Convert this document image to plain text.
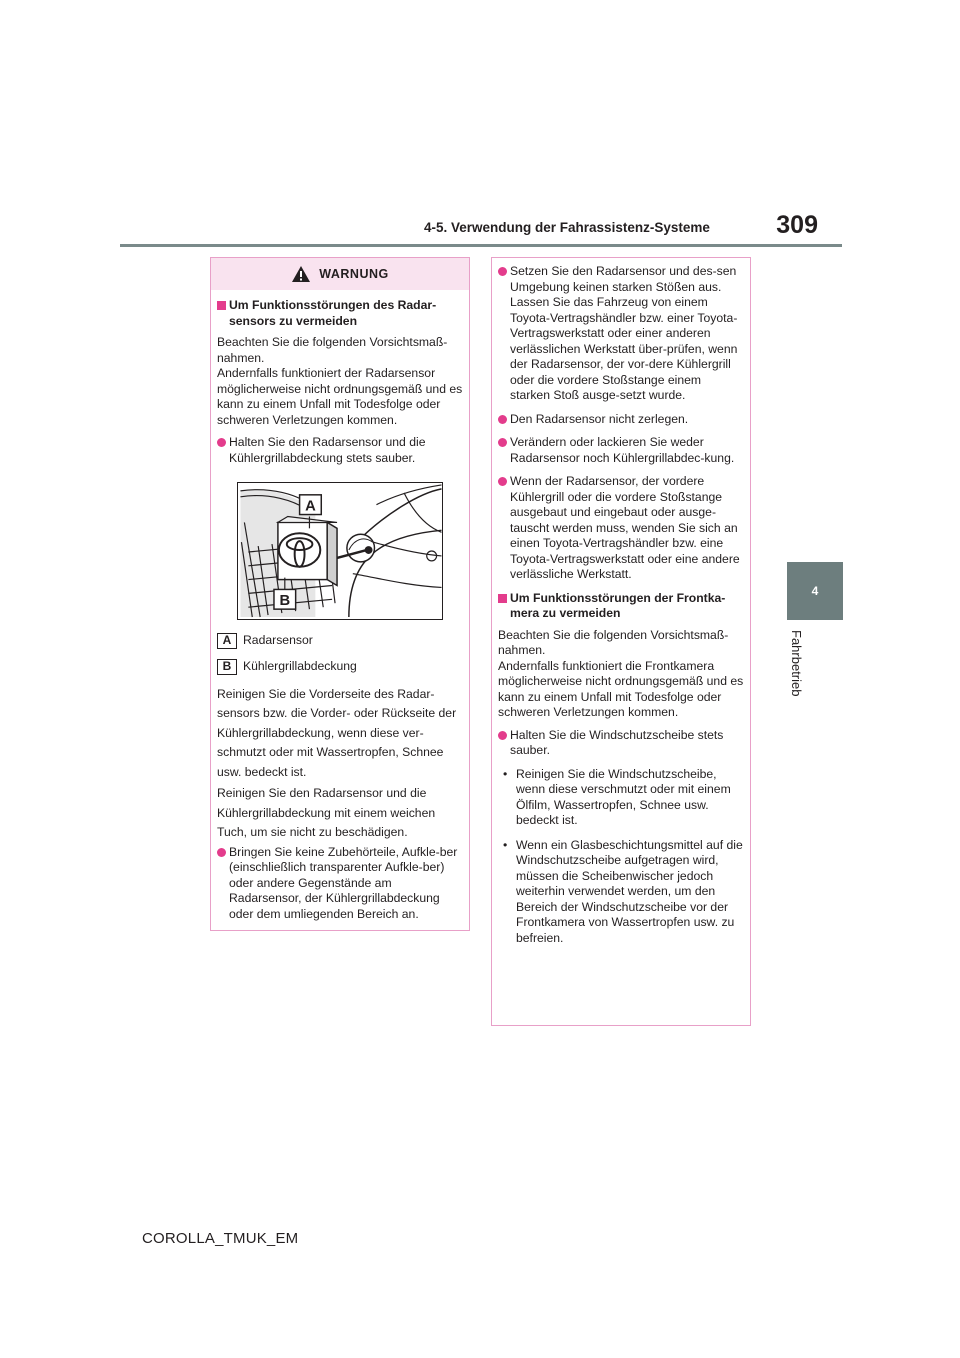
4-5. Verwendung der Fahrassistenz-Systeme	309
4
Fahrbetrieb
WARNUNG
Um Funktionsstörungen des Radar-sensors zu vermeiden
Beachten Sie die folgenden Vorsichtsmaß-nahmen.
Andernfalls funktioniert der Radarsensor möglicherweise nicht ordnungsgemäß und es kann zu einem Unfall mit Todesfolge oder schweren Verletzungen kommen.
Halten Sie den Radarsensor und die Kühlergrillabdeckung stets sauber.
A
B
A Radarsensor
B Kühlergrillabdeckung
Reinigen Sie die Vorderseite des Radar-sensors bzw. die Vorder- oder Rückseite der Kühlergrillabdeckung, wenn diese ver-schmutzt oder mit Wassertropfen, Schnee usw. bedeckt ist.
Reinigen Sie den Radarsensor und die Kühlergrillabdeckung mit einem weichen Tuch, um sie nicht zu beschädigen.
Bringen Sie keine Zubehörteile, Aufkle-ber (einschließlich transparenter Aufkle-ber) oder andere Gegenstände am Radarsensor, der Kühlergrillabdeckung oder dem umliegenden Bereich an.
Setzen Sie den Radarsensor und des-sen Umgebung keinen starken Stößen aus.
Lassen Sie das Fahrzeug von einem Toyota-Vertragshändler bzw. einer Toyota-Vertragswerkstatt oder einer anderen verlässlichen Werkstatt über-prüfen, wenn der Radarsensor, der vor-dere Kühlergrill oder die vordere Stoßstange einem starken Stoß ausge-setzt wurde.
Den Radarsensor nicht zerlegen.
Verändern oder lackieren Sie weder Radarsensor noch Kühlergrillabdec-kung.
Wenn der Radarsensor, der vordere Kühlergrill oder die vordere Stoßstange ausgebaut und eingebaut oder ausge-tauscht werden muss, wenden Sie sich an einen Toyota-Vertragshändler bzw. eine Toyota-Vertragswerkstatt oder eine andere verlässliche Werkstatt.
Um Funktionsstörungen der Frontka-mera zu vermeiden
Beachten Sie die folgenden Vorsichtsmaß-nahmen.
Andernfalls funktioniert die Frontkamera möglicherweise nicht ordnungsgemäß und es kann zu einem Unfall mit Todesfolge oder schweren Verletzungen kommen.
Halten Sie die Windschutzscheibe stets sauber.
• Reinigen Sie die Windschutzscheibe, wenn diese verschmutzt oder mit einem Ölfilm, Wassertropfen, Schnee usw. bedeckt ist.
• Wenn ein Glasbeschichtungsmittel auf die Windschutzscheibe aufgetragen wird, müssen die Scheibenwischer jedoch weiterhin verwendet werden, um den Bereich der Windschutzscheibe vor der Frontkamera von Wassertropfen usw. zu befreien.
COROLLA_TMUK_EM
